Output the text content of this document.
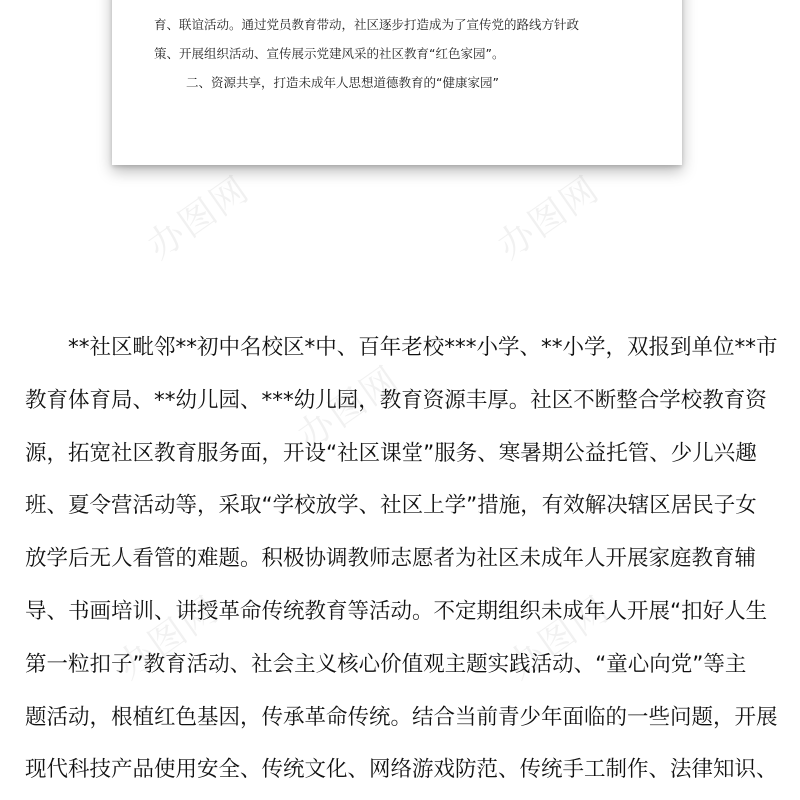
育、联谊活动。通过党员教育带动，社区逐步打造成为了宣传党的路线方针政

策、开展组织活动、宣传展示党建风采的社区教育“红色家园”。

二、资源共享，打造未成年人思想道德教育的“健康家园”

办图网	办图网
办图网
办图网	办图网
**社区毗邻**初中名校区*中、百年老校***小学、**小学，双报到单位**市
教育体育局、**幼儿园、***幼儿园，教育资源丰厚。社区不断整合学校教育资
源，拓宽社区教育服务面，开设“社区课堂”服务、寒暑期公益托管、少儿兴趣
班、夏令营活动等，采取“学校放学、社区上学”措施，有效解决辖区居民子女
放学后无人看管的难题。积极协调教师志愿者为社区未成年人开展家庭教育辅
导、书画培训、讲授革命传统教育等活动。不定期组织未成年人开展“扣好人生
第一粒扣子”教育活动、社会主义核心价值观主题实践活动、“童心向党”等主
题活动，根植红色基因，传承革命传统。结合当前青少年面临的一些问题，开展
现代科技产品使用安全、传统文化、网络游戏防范、传统手工制作、法律知识、
